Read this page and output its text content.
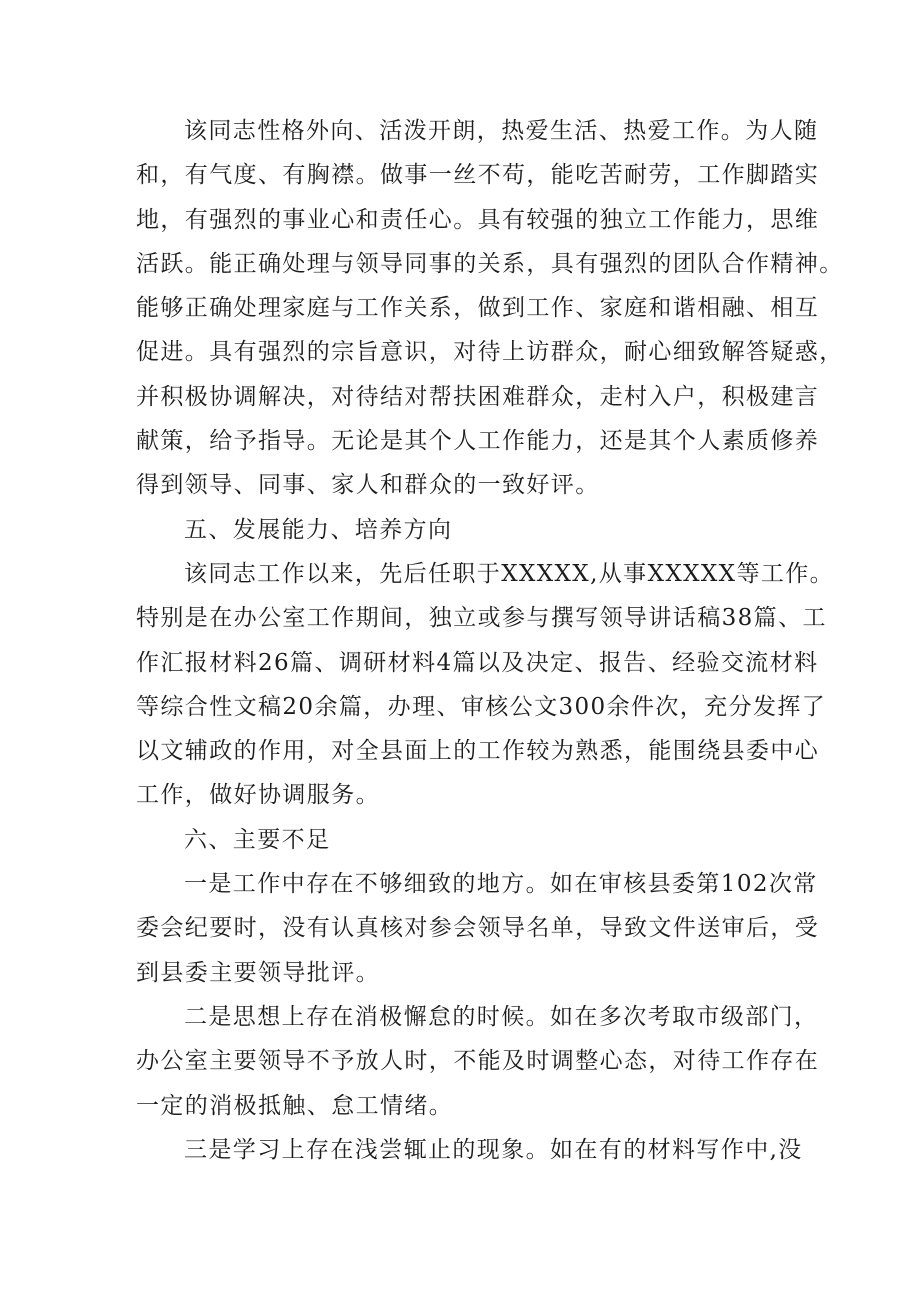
该同志性格外向、活泼开朗，热爱生活、热爱工作。为人随
和，有气度、有胸襟。做事一丝不苟，能吃苦耐劳，工作脚踏实
地，有强烈的事业心和责任心。具有较强的独立工作能力，思维
活跃。能正确处理与领导同事的关系，具有强烈的团队合作精神。
能够正确处理家庭与工作关系，做到工作、家庭和谐相融、相互
促进。具有强烈的宗旨意识，对待上访群众，耐心细致解答疑惑，
并积极协调解决，对待结对帮扶困难群众，走村入户，积极建言
献策，给予指导。无论是其个人工作能力，还是其个人素质修养
得到领导、同事、家人和群众的一致好评。
五、发展能力、培养方向
该同志工作以来，先后任职于XXXXX,从事XXXXX等工作。
特别是在办公室工作期间，独立或参与撰写领导讲话稿38篇、工
作汇报材料26篇、调研材料4篇以及决定、报告、经验交流材料
等综合性文稿20余篇，办理、审核公文300余件次，充分发挥了
以文辅政的作用，对全县面上的工作较为熟悉，能围绕县委中心
工作，做好协调服务。
六、主要不足
一是工作中存在不够细致的地方。如在审核县委第102次常
委会纪要时，没有认真核对参会领导名单，导致文件送审后，受
到县委主要领导批评。
二是思想上存在消极懈怠的时候。如在多次考取市级部门，
办公室主要领导不予放人时，不能及时调整心态，对待工作存在
一定的消极抵触、怠工情绪。
三是学习上存在浅尝辄止的现象。如在有的材料写作中,没
